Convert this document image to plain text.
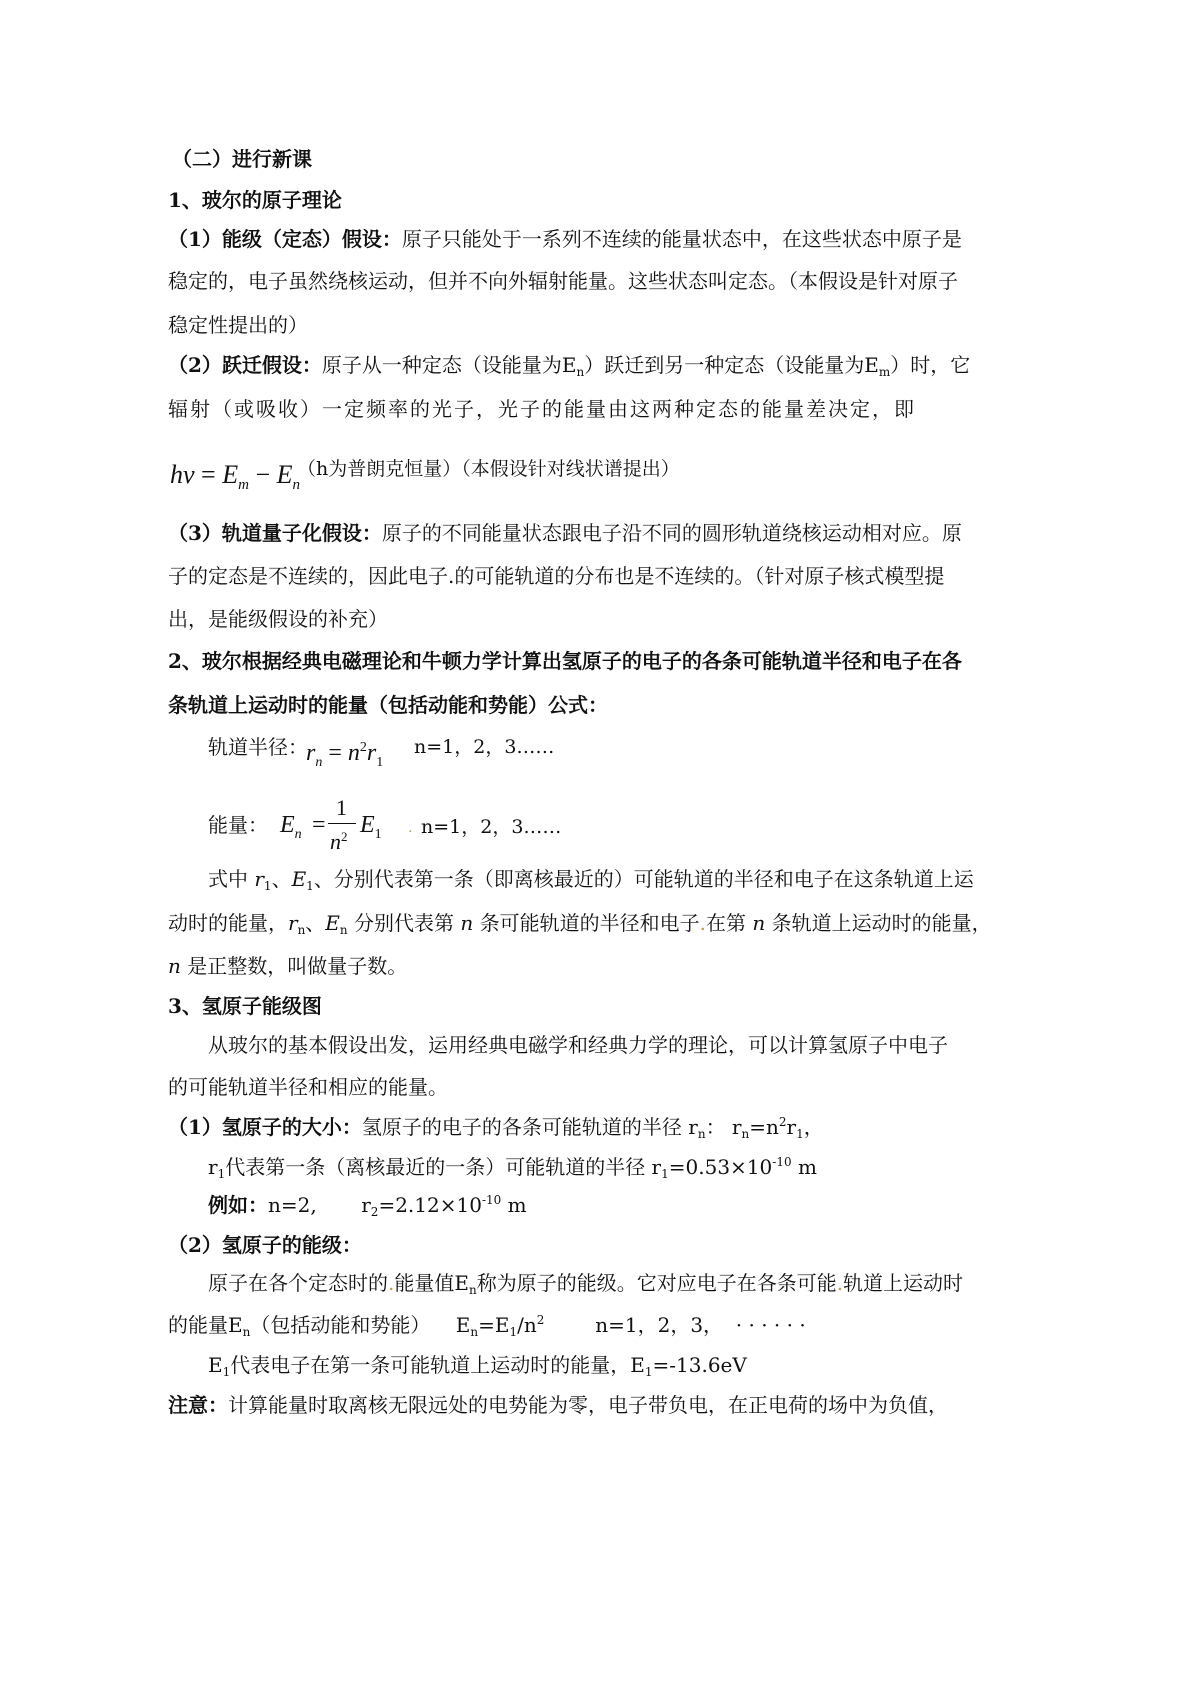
（二）进行新课
1、玻尔的原子理论
（1）能级（定态）假设：原子只能处于一系列不连续的能量状态中，在这些状态中原子是
稳定的，电子虽然绕核运动，但并不向外辐射能量。这些状态叫定态。（本假设是针对原子
稳定性提出的）
（2）跃迁假设：原子从一种定态（设能量为$E_n$）跃迁到另一种定态（设能量为$E_m$）时，它
辐射（或吸收）一定频率的光子，光子的能量由这两种定态的能量差决定，即
$h\nu = E_m - E_n$
（h为普朗克恒量）（本假设针对线状谱提出）
（3）轨道量子化假设：原子的不同能量状态跟电子沿不同的圆形轨道绕核运动相对应。原
子的定态是不连续的，因此电子.的可能轨道的分布也是不连续的。（针对原子核式模型提
出，是能级假设的补充）
2、玻尔根据经典电磁理论和牛顿力学计算出氢原子的电子的各条可能轨道半径和电子在各
条轨道上运动时的能量（包括动能和势能）公式：
轨道半径：
$r_n = n^2r_1$
n=1，2，3……
能量： $E_n$ =
1
$n^2$ $E_1$ . n=1，2，3……
式中 $r_1$、$E_1$、分别代表第一条（即离核最近的）可能轨道的半径和电子在这条轨道上运
动时的能量，$r_n$、$E_n$ 分别代表第 n 条可能轨道的半径和电子.在第 n 条轨道上运动时的能量，
n 是正整数，叫做量子数。
3、氢原子能级图
从玻尔的基本假设出发，运用经典电磁学和经典力学的理论，可以计算氢原子中电子
的可能轨道半径和相应的能量。
（1）氢原子的大小：氢原子的电子的各条可能轨道的半径 $r_n$： $r_n=n^2r_1$，
$r_1$代表第一条（离核最近的一条）可能轨道的半径 $r_1=0.53\times 10^{-10}$ m
例如：n=2,       $r_2=2.12\times 10^{-10}$ m
（2）氢原子的能级：
原子在各个定态时的.能量值$E_n$称为原子的能级。它对应电子在各条可能.轨道上运动时
的能量$E_n$（包括动能和势能）    $E_n=E_1/n^2$        n=1，2，3，  · · · · · ·
$E_1$代表电子在第一条可能轨道上运动时的能量，$E_1=-13.6eV$
注意：计算能量时取离核无限远处的电势能为零，电子带负电，在正电荷的场中为负值，
